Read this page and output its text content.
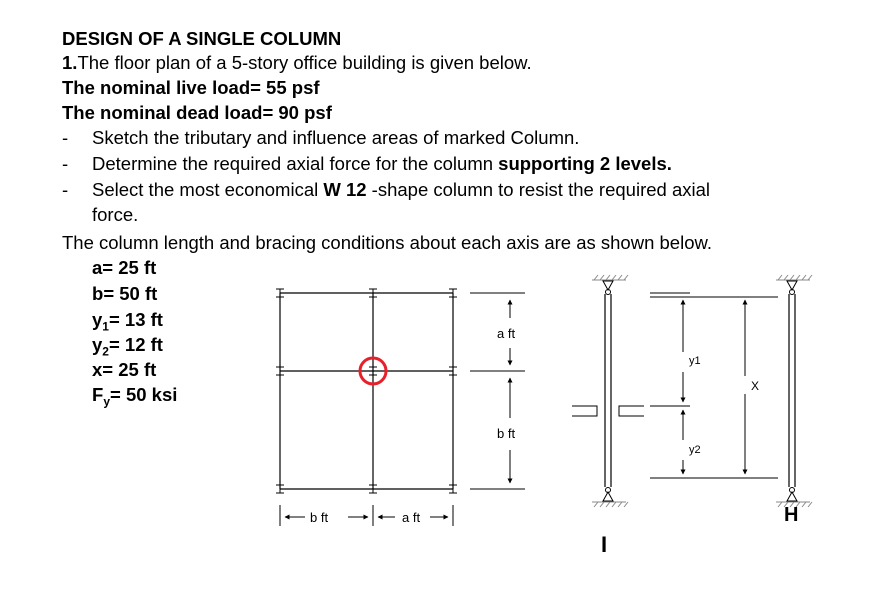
DESIGN OF A SINGLE COLUMN
1.The floor plan of a 5-story office building is given below.
The nominal live load= 55 psf
The nominal dead load= 90 psf
- Sketch the tributary and influence areas of marked Column.
- Determine the required axial force for the column supporting 2 levels.
- Select the most economical W 12 -shape column to resist the required axial
force.
The column length and bracing conditions about each axis are as shown below.
a= 25 ft
b= 50 ft
$y_1= 13$ ft
$y_2= 12$ ft
x= 25 ft
$F_y= 50$ ksi
a ft
b ft
b ft	a ft
I
y1
y2
X
H
